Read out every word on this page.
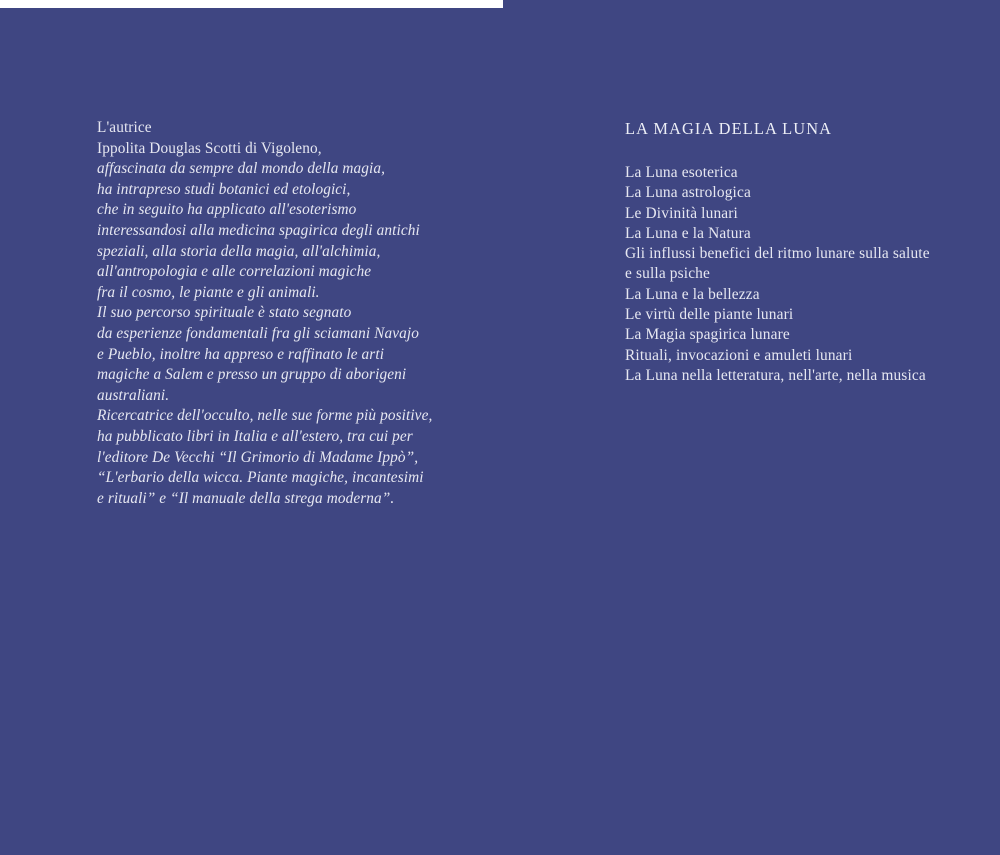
L'autrice
Ippolita Douglas Scotti di Vigoleno,
affascinata da sempre dal mondo della magia,
ha intrapreso studi botanici ed etologici,
che in seguito ha applicato all'esoterismo
interessandosi alla medicina spagirica degli antichi
speziali, alla storia della magia, all'alchimia,
all'antropologia e alle correlazioni magiche
fra il cosmo, le piante e gli animali.
Il suo percorso spirituale è stato segnato
da esperienze fondamentali fra gli sciamani Navajo
e Pueblo, inoltre ha appreso e raffinato le arti
magiche a Salem e presso un gruppo di aborigeni
australiani.
Ricercatrice dell'occulto, nelle sue forme più positive,
ha pubblicato libri in Italia e all'estero, tra cui per
l'editore De Vecchi “Il Grimorio di Madame Ippò”,
“L'erbario della wicca. Piante magiche, incantesimi
e rituali” e “Il manuale della strega moderna”.
LA MAGIA DELLA LUNA
La Luna esoterica
La Luna astrologica
Le Divinità lunari
La Luna e la Natura
Gli influssi benefici del ritmo lunare sulla salute
e sulla psiche
La Luna e la bellezza
Le virtù delle piante lunari
La Magia spagirica lunare
Rituali, invocazioni e amuleti lunari
La Luna nella letteratura, nell'arte, nella musica
